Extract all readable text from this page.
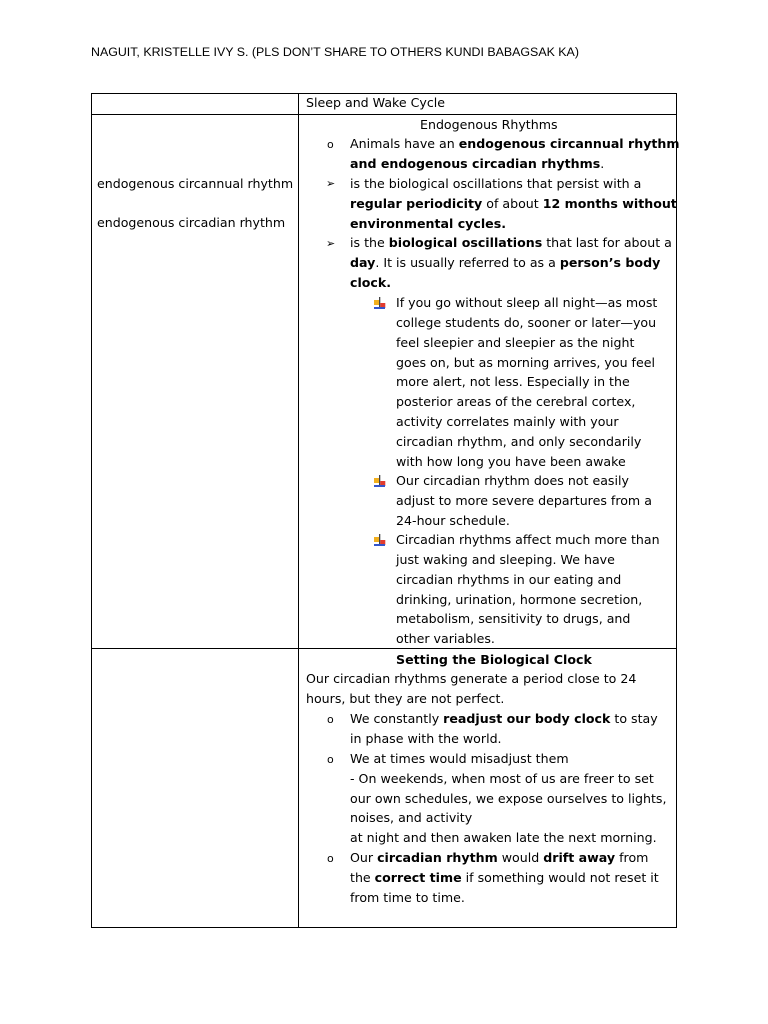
NAGUIT, KRISTELLE IVY S. (PLS DON’T SHARE TO OTHERS KUNDI BABAGSAK KA)
Sleep and Wake Cycle
endogenous circannual rhythm
endogenous circadian rhythm
Endogenous Rhythms
o Animals have an endogenous circannual rhythm
and endogenous circadian rhythms.
➢ is the biological oscillations that persist with a
regular periodicity of about 12 months without
environmental cycles.
➢ is the biological oscillations that last for about a
day. It is usually referred to as a person’s body
clock.
If you go without sleep all night—as most
college students do, sooner or later—you
feel sleepier and sleepier as the night
goes on, but as morning arrives, you feel
more alert, not less. Especially in the
posterior areas of the cerebral cortex,
activity correlates mainly with your
circadian rhythm, and only secondarily
with how long you have been awake
Our circadian rhythm does not easily
adjust to more severe departures from a
24-hour schedule.
Circadian rhythms affect much more than
just waking and sleeping. We have
circadian rhythms in our eating and
drinking, urination, hormone secretion,
metabolism, sensitivity to drugs, and
other variables.
Setting the Biological Clock
Our circadian rhythms generate a period close to 24
hours, but they are not perfect.
o We constantly readjust our body clock to stay
in phase with the world.
o We at times would misadjust them
- On weekends, when most of us are freer to set
our own schedules, we expose ourselves to lights,
noises, and activity
at night and then awaken late the next morning.
o Our circadian rhythm would drift away from
the correct time if something would not reset it
from time to time.
